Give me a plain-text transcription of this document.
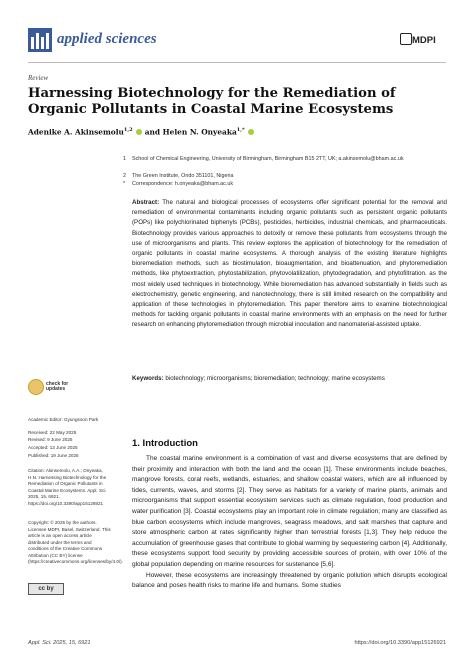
applied sciences	MDPI
Review
Harnessing Biotechnology for the Remediation of Organic Pollutants in Coastal Marine Ecosystems
Adenike A. Akinsemolu$^{1,2}$ and Helen N. Onyeaka$^{1,*}$
1 School of Chemical Engineering, University of Birmingham, Birmingham B15 2TT, UK; a.akinsemolu@bham.ac.uk
2 The Green Institute, Ondo 351101, Nigeria
* Correspondence: h.onyeaka@bham.ac.uk
Abstract: The natural and biological processes of ecosystems offer significant potential for the removal and remediation of environmental contaminants including organic pollutants such as persistent organic pollutants (POPs) like polychlorinated biphenyls (PCBs), pesticides, herbicides, industrial chemicals, and pharmaceuticals. Biotechnology provides various approaches to detoxify or remove these pollutants from ecosystems through the use of microorganisms and plants. This review explores the application of biotechnology for the remediation of organic pollutants in coastal marine ecosystems. A thorough analysis of the existing literature highlights bioremediation methods, such as biostimulation, bioaugmentation, and bioattenuation, and phytoremediation methods, like phytoextraction, phytostabilization, phytovolatilization, phytodegradation, and phytofiltration. as the most widely used techniques in biotechnology. While bioremediation has advanced substantially in fields such as electrochemistry, genetic engineering, and nanotechnology, there is still limited research on the compatibility and application of these technologies in phytoremediation. This paper therefore aims to examine biotechnological methods for tackling organic pollutants in coastal marine environments with an emphasis on the need for further research on enhancing phytoremediation through microbial inoculation and nanomaterial-assisted uptake.
Keywords: biotechnology; microorganisms; bioremediation; technology; marine ecosystems
check for
updates
Academic Editor: Gyungsoon Park
Received: 22 May 2025
Revised: 9 June 2025
Accepted: 13 June 2025
Published: 19 June 2025
Citation: Akinsemolu, A.A.; Onyeaka, H.N. Harnessing Biotechnology for the Remediation of Organic Pollutants in Coastal Marine Ecosystems. Appl. Sci. 2025, 15, 6921. https://doi.org/10.3390/app15126921
Copyright: © 2025 by the authors. Licensee MDPI, Basel, Switzerland. This article is an open access article distributed under the terms and conditions of the Creative Commons Attribution (CC BY) license (https://creativecommons.org/licenses/by/4.0/).
cc by
1. Introduction

The coastal marine environment is a combination of vast and diverse ecosystems that are defined by their proximity and interaction with both the land and the ocean [1]. These environments include beaches, mangrove forests, coral reefs, wetlands, estuaries, and shallow coastal waters, which are all influenced by tides, currents, waves, and storms [2]. They serve as habitats for a variety of marine plants, animals and microorganisms that support essential ecosystem services such as climate regulation, food production and water purification [3]. Coastal ecosystems play an important role in climate regulation; many are classified as blue carbon ecosystems which include mangroves, seagrass meadows, and salt marshes that capture and store atmospheric carbon at rates significantly higher than terrestrial forests [1,3]. They help reduce the accumulation of greenhouse gases that contribute to global warming by sequestering carbon [4]. Additionally, these ecosystems support food security by providing accessible sources of protein, with over 10% of the global population depending on marine resources for sustenance [5,6].

However, these ecosystems are increasingly threatened by organic pollution which disrupts ecological balance and poses health risks to marine life and humans. Some studies

Appl. Sci. 2025, 15, 6921	https://doi.org/10.3390/app15126921
